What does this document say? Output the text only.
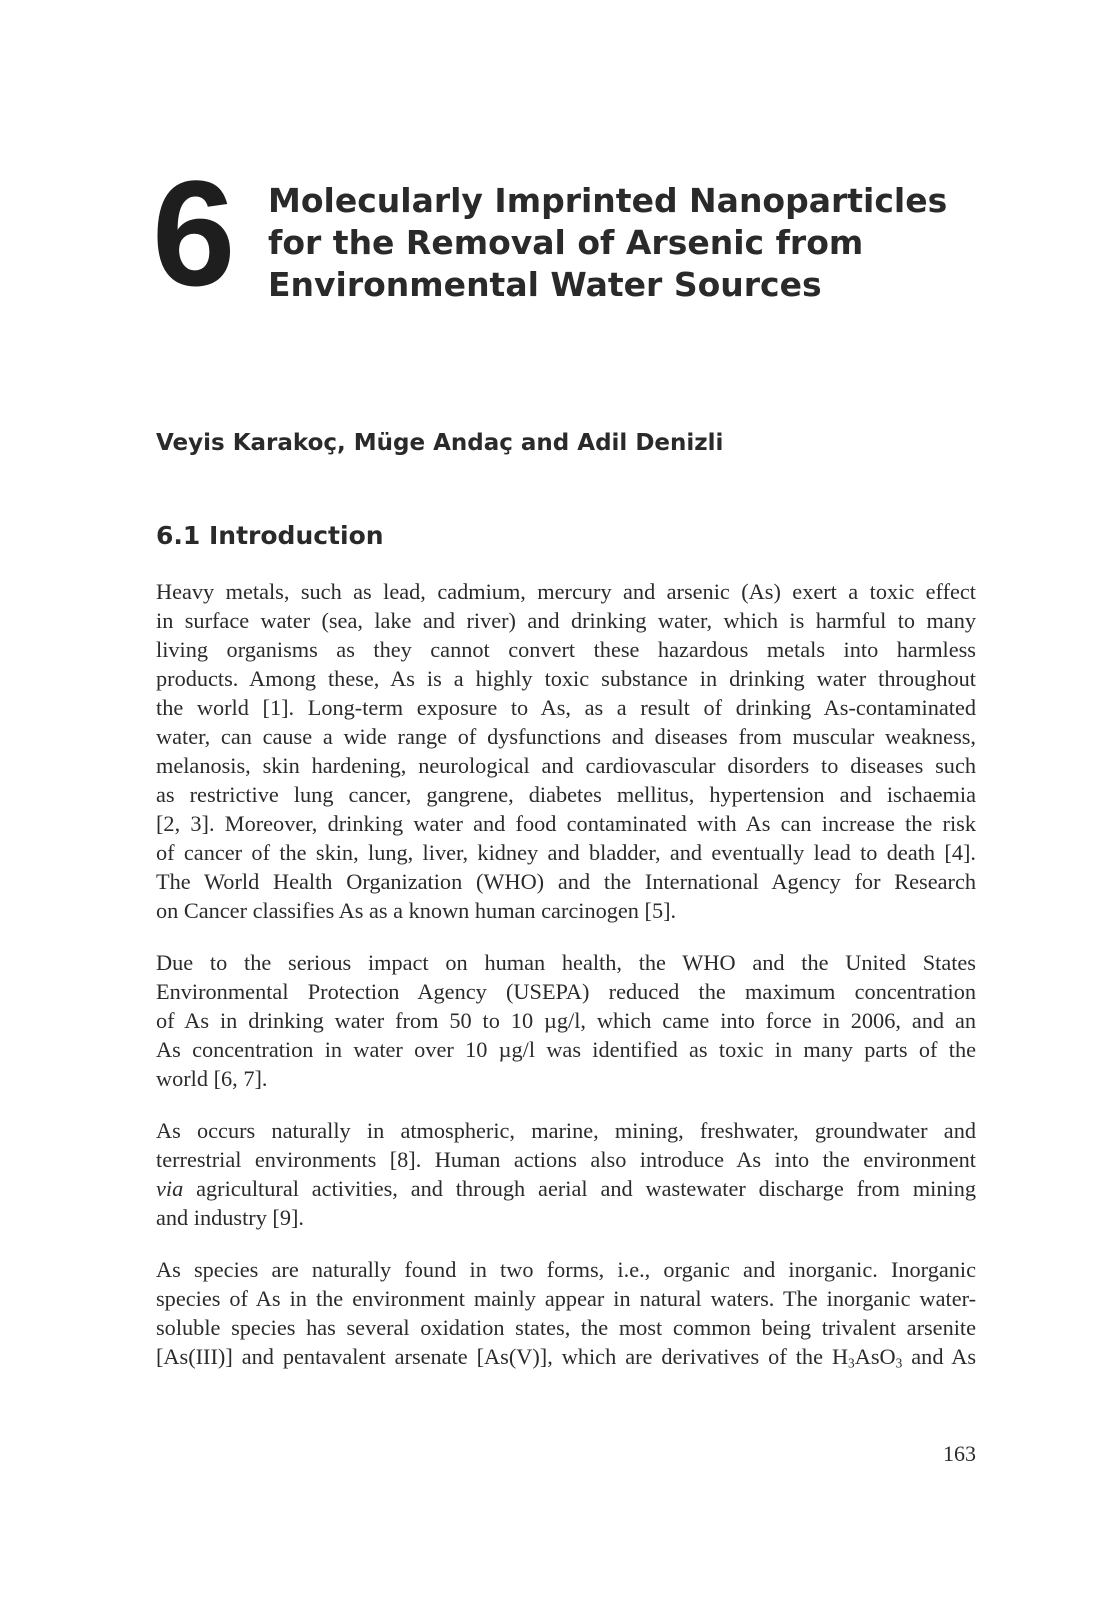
6 Molecularly Imprinted Nanoparticles
for the Removal of Arsenic from
Environmental Water Sources
Veyis Karakoç, Müge Andaç and Adil Denizli
6.1 Introduction
Heavy metals, such as lead, cadmium, mercury and arsenic (As) exert a toxic effect
in surface water (sea, lake and river) and drinking water, which is harmful to many
living organisms as they cannot convert these hazardous metals into harmless
products. Among these, As is a highly toxic substance in drinking water throughout
the world [1]. Long-term exposure to As, as a result of drinking As-contaminated
water, can cause a wide range of dysfunctions and diseases from muscular weakness,
melanosis, skin hardening, neurological and cardiovascular disorders to diseases such
as restrictive lung cancer, gangrene, diabetes mellitus, hypertension and ischaemia
[2, 3]. Moreover, drinking water and food contaminated with As can increase the risk
of cancer of the skin, lung, liver, kidney and bladder, and eventually lead to death [4].
The World Health Organization (WHO) and the International Agency for Research
on Cancer classifies As as a known human carcinogen [5].
Due to the serious impact on human health, the WHO and the United States
Environmental Protection Agency (USEPA) reduced the maximum concentration
of As in drinking water from 50 to 10 µg/l, which came into force in 2006, and an
As concentration in water over 10 µg/l was identified as toxic in many parts of the
world [6, 7].
As occurs naturally in atmospheric, marine, mining, freshwater, groundwater and
terrestrial environments [8]. Human actions also introduce As into the environment
via agricultural activities, and through aerial and wastewater discharge from mining
and industry [9].
As species are naturally found in two forms, i.e., organic and inorganic. Inorganic
species of As in the environment mainly appear in natural waters. The inorganic water-
soluble species has several oxidation states, the most common being trivalent arsenite
[As(III)] and pentavalent arsenate [As(V)], which are derivatives of the $H_3AsO_3$ and As
163
